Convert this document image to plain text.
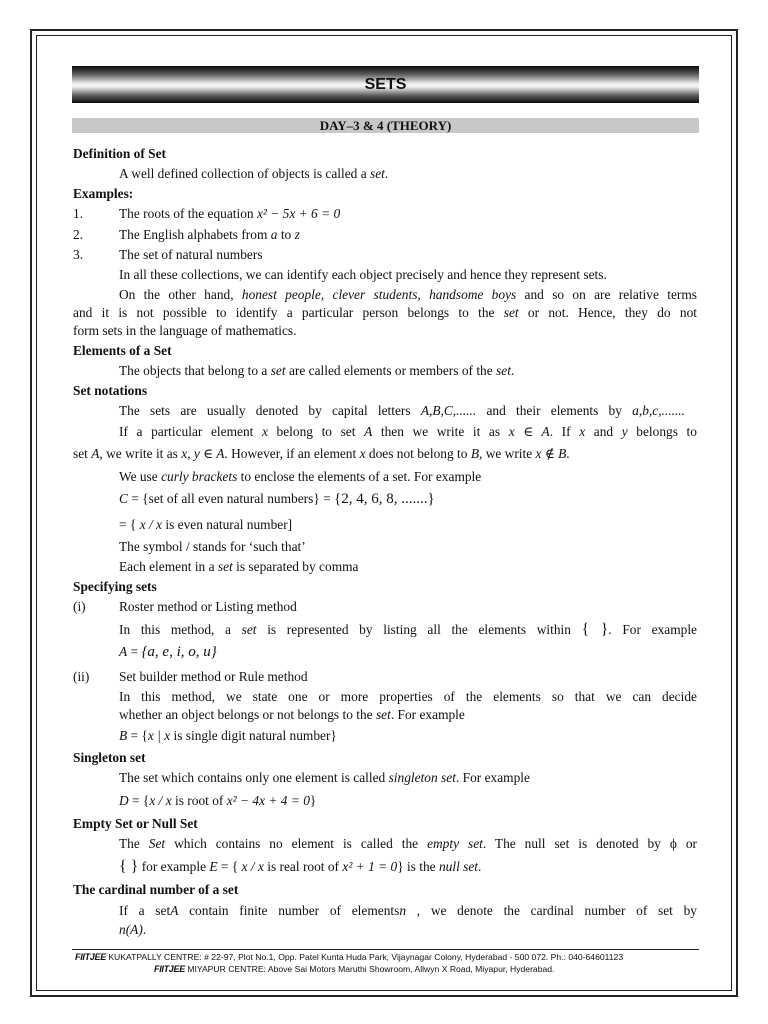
SETS
DAY–3 & 4 (THEORY)
Definition of Set
A well defined collection of objects is called a set.
Examples:
1.	The roots of the equation x² − 5x + 6 = 0
2.	The English alphabets from a to z
3.	The set of natural numbers
In all these collections, we can identify each object precisely and hence they represent sets.
On the other hand, honest people, clever students, handsome boys and so on are relative terms
and it is not possible to identify a particular person belongs to the set or not. Hence, they do not
form sets in the language of mathematics.
Elements of a Set
The objects that belong to a set are called elements or members of the set.
Set notations
The sets are usually denoted by capital letters A,B,C,...... and their elements by a,b,c,.......
If a particular element x belong to set A then we write it as x ∈ A. If x and y belongs to
set A, we write it as x, y ∈ A. However, if an element x does not belong to B, we write x ∉ B.
We use curly brackets to enclose the elements of a set. For example
C = {set of all even natural numbers} = {2, 4, 6, 8, .......}
= { x / x is even natural number]
The symbol / stands for ‘such that’
Each element in a set is separated by comma
Specifying sets
(i) Roster method or Listing method
In this method, a set is represented by listing all the elements within { }. For example
A = {a, e, i, o, u}
(ii) Set builder method or Rule method
In this method, we state one or more properties of the elements so that we can decide
whether an object belongs or not belongs to the set. For example
B = {x | x is single digit natural number}
Singleton set
The set which contains only one element is called singleton set. For example
D = {x / x is root of x² − 4x + 4 = 0}
Empty Set or Null Set
The Set which contains no element is called the empty set. The null set is denoted by ϕ or
{ } for example E = { x / x is real root of x² + 1 = 0} is the null set.
The cardinal number of a set
If a setA contain finite number of elementsn , we denote the cardinal number of set by
n(A).
FIITJEE KUKATPALLY CENTRE: # 22-97, Plot No.1, Opp. Patel Kunta Huda Park, Vijaynagar Colony, Hyderabad - 500 072. Ph.: 040-64601123
FIITJEE MIYAPUR CENTRE: Above Sai Motors Maruthi Showroom, Allwyn X Road, Miyapur, Hyderabad.
